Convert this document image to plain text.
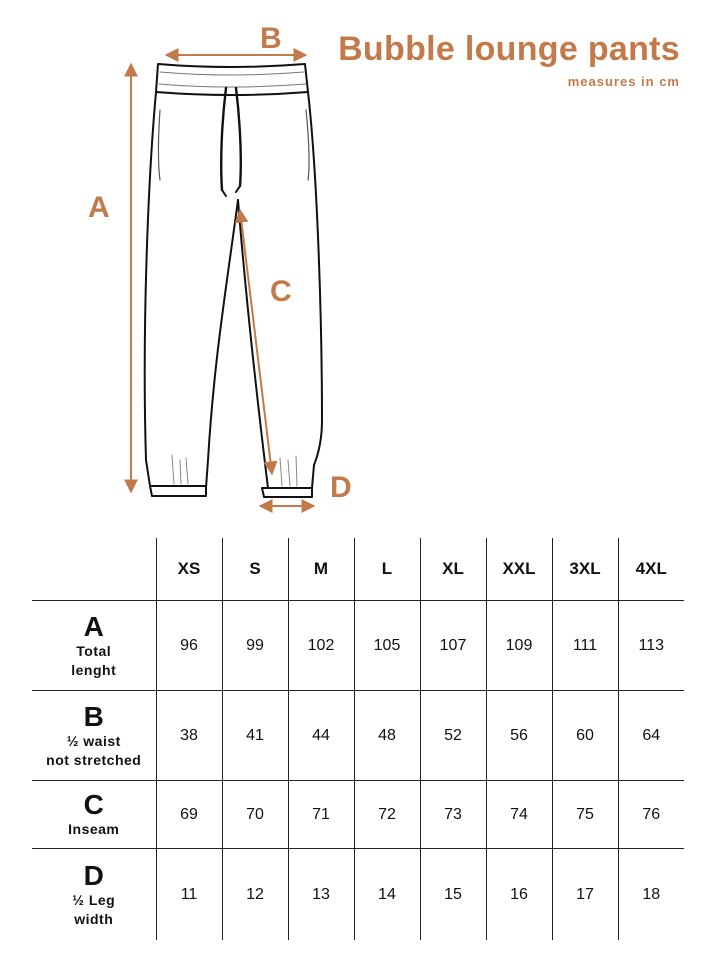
Bubble lounge pants
measures in cm
A
B
C
D
	XS	S	M	L	XL	XXL	3XL	4XL

A
Total
lenght	96	99	102	105	107	109	111	113

B
½ waist
not stretched	38	41	44	48	52	56	60	64

C
Inseam	69	70	71	72	73	74	75	76

D
½ Leg
width	11	12	13	14	15	16	17	18
